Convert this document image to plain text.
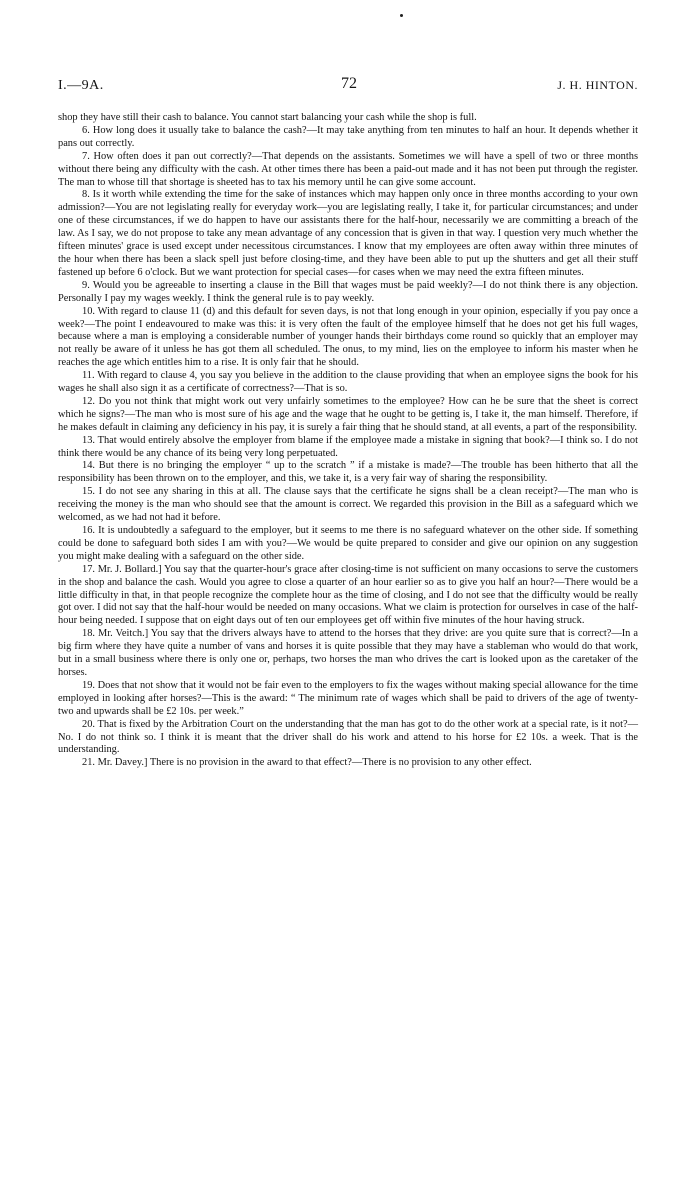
I.—9A.	72	J. H. HINTON.

shop they have still their cash to balance. You cannot start balancing your cash while the shop is full.

6. How long does it usually take to balance the cash?—It may take anything from ten minutes to half an hour. It depends whether it pans out correctly.

7. How often does it pan out correctly?—That depends on the assistants. Sometimes we will have a spell of two or three months without there being any difficulty with the cash. At other times there has been a paid-out made and it has not been put through the register. The man to whose till that shortage is sheeted has to tax his memory until he can give some account.

8. Is it worth while extending the time for the sake of instances which may happen only once in three months according to your own admission?—You are not legislating really for everyday work—you are legislating really, I take it, for particular circumstances; and under one of these circumstances, if we do happen to have our assistants there for the half-hour, necessarily we are committing a breach of the law. As I say, we do not propose to take any mean advantage of any concession that is given in that way. I question very much whether the fifteen minutes' grace is used except under necessitous circumstances. I know that my employees are often away within three minutes of the hour when there has been a slack spell just before closing-time, and they have been able to put up the shutters and get all their stuff fastened up before 6 o'clock. But we want protection for special cases—for cases when we may need the extra fifteen minutes.

9. Would you be agreeable to inserting a clause in the Bill that wages must be paid weekly?—I do not think there is any objection. Personally I pay my wages weekly. I think the general rule is to pay weekly.

10. With regard to clause 11 (d) and this default for seven days, is not that long enough in your opinion, especially if you pay once a week?—The point I endeavoured to make was this: it is very often the fault of the employee himself that he does not get his full wages, because where a man is employing a considerable number of younger hands their birthdays come round so quickly that an employer may not really be aware of it unless he has got them all scheduled. The onus, to my mind, lies on the employee to inform his master when he reaches the age which entitles him to a rise. It is only fair that he should.

11. With regard to clause 4, you say you believe in the addition to the clause providing that when an employee signs the book for his wages he shall also sign it as a certificate of correctness?—That is so.

12. Do you not think that might work out very unfairly sometimes to the employee? How can he be sure that the sheet is correct which he signs?—The man who is most sure of his age and the wage that he ought to be getting is, I take it, the man himself. Therefore, if he makes default in claiming any deficiency in his pay, it is surely a fair thing that he should stand, at all events, a part of the responsibility.

13. That would entirely absolve the employer from blame if the employee made a mistake in signing that book?—I think so. I do not think there would be any chance of its being very long perpetuated.

14. But there is no bringing the employer “ up to the scratch ” if a mistake is made?—The trouble has been hitherto that all the responsibility has been thrown on to the employer, and this, we take it, is a very fair way of sharing the responsibility.

15. I do not see any sharing in this at all. The clause says that the certificate he signs shall be a clean receipt?—The man who is receiving the money is the man who should see that the amount is correct. We regarded this provision in the Bill as a safeguard which we welcomed, as we had not had it before.

16. It is undoubtedly a safeguard to the employer, but it seems to me there is no safeguard whatever on the other side. If something could be done to safeguard both sides I am with you?—We would be quite prepared to consider and give our opinion on any suggestion you might make dealing with a safeguard on the other side.

17. Mr. J. Bollard.] You say that the quarter-hour's grace after closing-time is not sufficient on many occasions to serve the customers in the shop and balance the cash. Would you agree to close a quarter of an hour earlier so as to give you half an hour?—There would be a little difficulty in that, in that people recognize the complete hour as the time of closing, and I do not see that the difficulty would be really got over. I did not say that the half-hour would be needed on many occasions. What we claim is protection for ourselves in case of the half-hour being needed. I suppose that on eight days out of ten our employees get off within five minutes of the hour having struck.

18. Mr. Veitch.] You say that the drivers always have to attend to the horses that they drive: are you quite sure that is correct?—In a big firm where they have quite a number of vans and horses it is quite possible that they may have a stableman who would do that work, but in a small business where there is only one or, perhaps, two horses the man who drives the cart is looked upon as the caretaker of the horses.

19. Does that not show that it would not be fair even to the employers to fix the wages without making special allowance for the time employed in looking after horses?—This is the award: “ The minimum rate of wages which shall be paid to drivers of the age of twenty-two and upwards shall be £2 10s. per week.”

20. That is fixed by the Arbitration Court on the understanding that the man has got to do the other work at a special rate, is it not?—No. I do not think so. I think it is meant that the driver shall do his work and attend to his horse for £2 10s. a week. That is the understanding.

21. Mr. Davey.] There is no provision in the award to that effect?—There is no provision to any other effect.
